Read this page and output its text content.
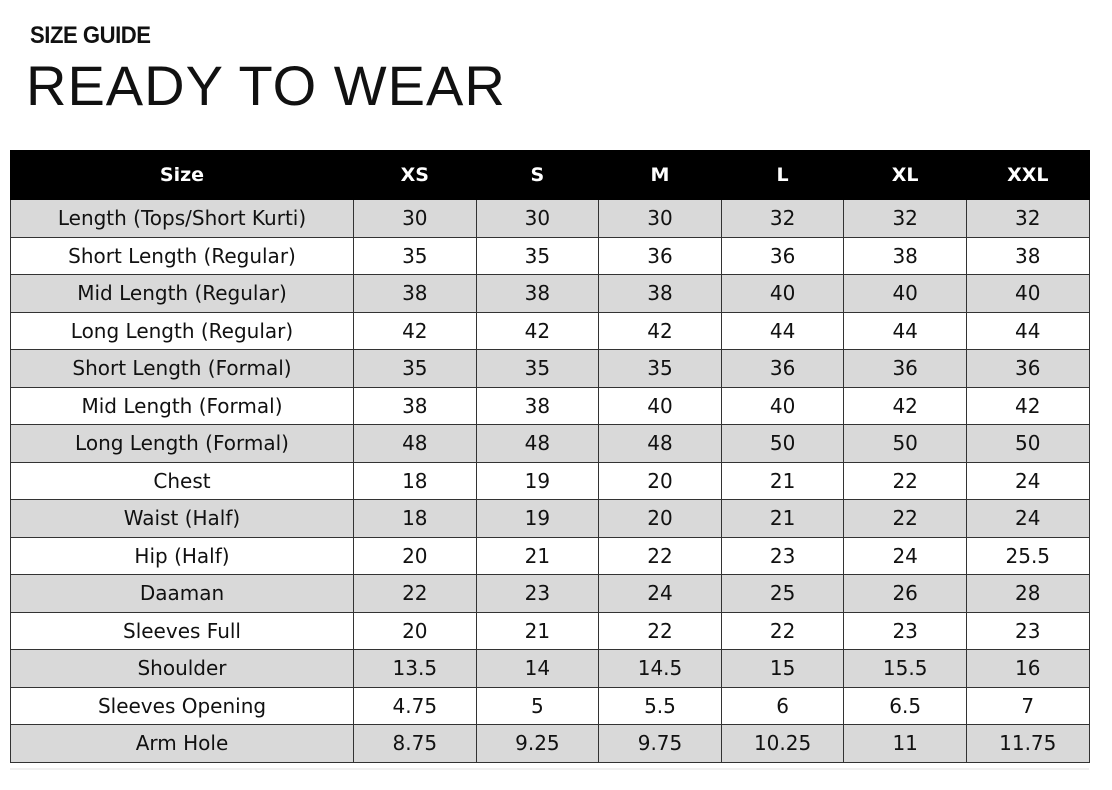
SIZE GUIDE
READY TO WEAR
Size	XS	S	M	L	XL	XXL
Length (Tops/Short Kurti)	30	30	30	32	32	32
Short Length (Regular)	35	35	36	36	38	38
Mid Length (Regular)	38	38	38	40	40	40
Long Length (Regular)	42	42	42	44	44	44
Short Length (Formal)	35	35	35	36	36	36
Mid Length (Formal)	38	38	40	40	42	42
Long Length (Formal)	48	48	48	50	50	50
Chest	18	19	20	21	22	24
Waist (Half)	18	19	20	21	22	24
Hip (Half)	20	21	22	23	24	25.5
Daaman	22	23	24	25	26	28
Sleeves Full	20	21	22	22	23	23
Shoulder	13.5	14	14.5	15	15.5	16
Sleeves Opening	4.75	5	5.5	6	6.5	7
Arm Hole	8.75	9.25	9.75	10.25	11	11.75
